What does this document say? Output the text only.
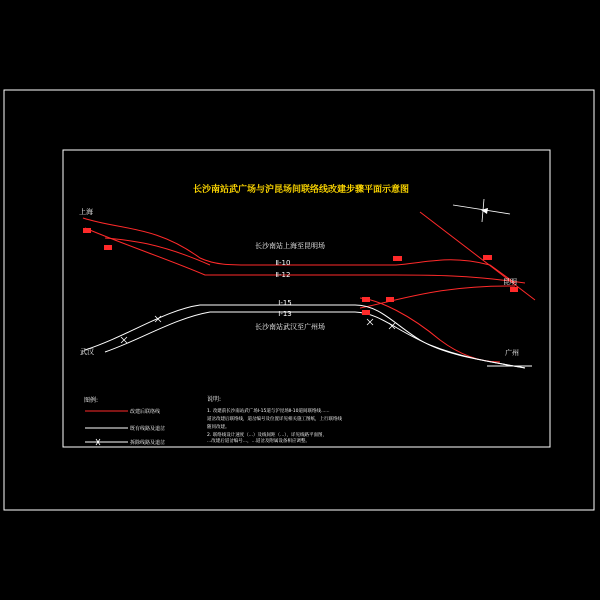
长沙南站武广场与沪昆场间联络线改建步骤平面示意图
上海
昆明
武汉	广州
长沙南站上海至昆明场
长沙南站武汉至广州场
Ⅱ-10
Ⅱ-12
Ⅰ-15
Ⅰ-13
图例:
改建后联络线
既有线路及道岔
拆除线路及道岔
说明:
1. 改建前长沙南站武广场Ⅰ-15道与沪昆场Ⅱ-10道间联络线......
道岔改建后联络线，道岔编号及位置详见相关施工图纸，上行联络线
随同改建。
2. 联络线设计速度（...）及线间距（...），详见线路平面图，
...改建后道岔编号...，...道岔及附属设备相应调整。
